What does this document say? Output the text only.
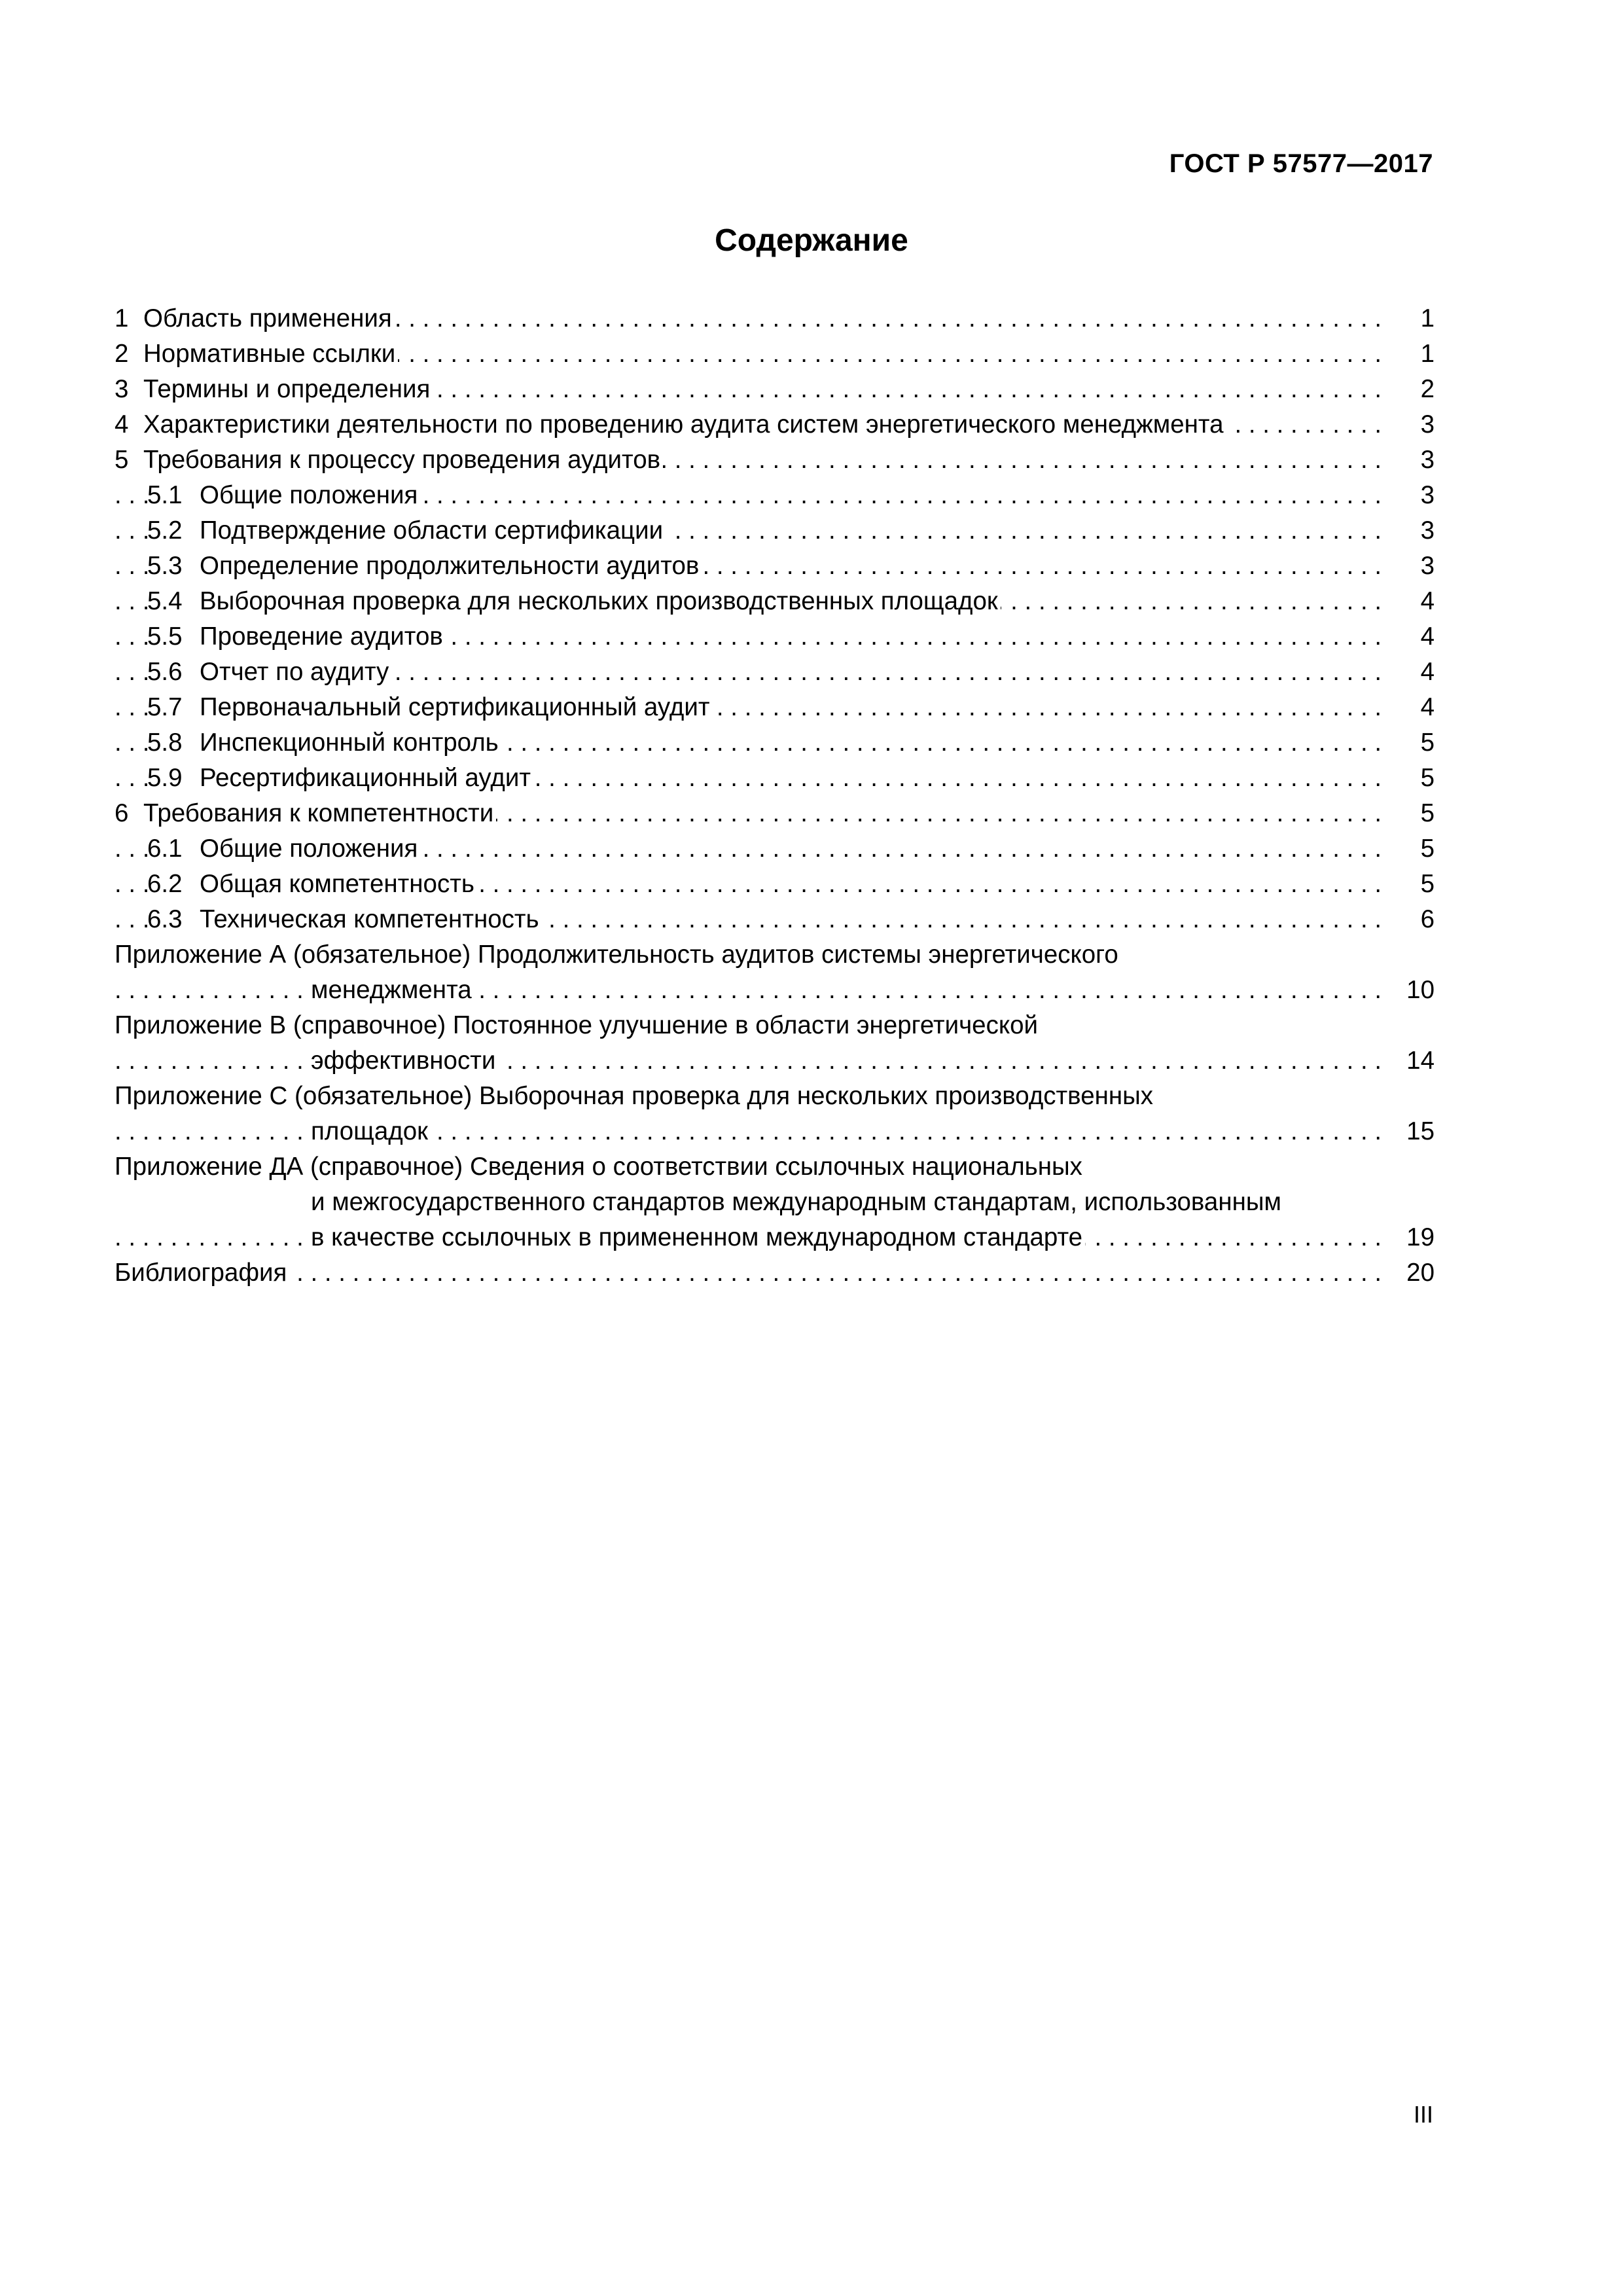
ГОСТ Р 57577—2017
Содержание
. . .
1 Область применения	1
. . .
2 Нормативные ссылки	1
. . .
3 Термины и определения	2
. . .
4 Характеристики деятельности по проведению аудита систем энергетического менеджмента	3
. . .
5 Требования к процессу проведения аудитов	3
. . .
5.1 Общие положения	3
. . .
5.2 Подтверждение области сертификации	3
. . .
5.3 Определение продолжительности аудитов	3
. . .
5.4 Выборочная проверка для нескольких производственных площадок	4
. . .
5.5 Проведение аудитов	4
. . .
5.6 Отчет по аудиту	4
. . .
5.7 Первоначальный сертификационный аудит	4
. . .
5.8 Инспекционный контроль	5
. . .
5.9 Ресертификационный аудит	5
. . .
6 Требования к компетентности	5
. . .
6.1 Общие положения	5
. . .
6.2 Общая компетентность	5
. . .
6.3 Техническая компетентность	6
Приложение А (обязательное) Продолжительность аудитов системы энергетического
. . .
менеджмента	10
Приложение В (справочное) Постоянное улучшение в области энергетической
. . .
эффективности	14
Приложение С (обязательное) Выборочная проверка для нескольких производственных
. . .
площадок	15
Приложение ДА (справочное) Сведения о соответствии ссылочных национальных
и межгосударственного стандартов международным стандартам, использованным
. . .
в качестве ссылочных в примененном международном стандарте	19
. . .
Библиография	20
III
